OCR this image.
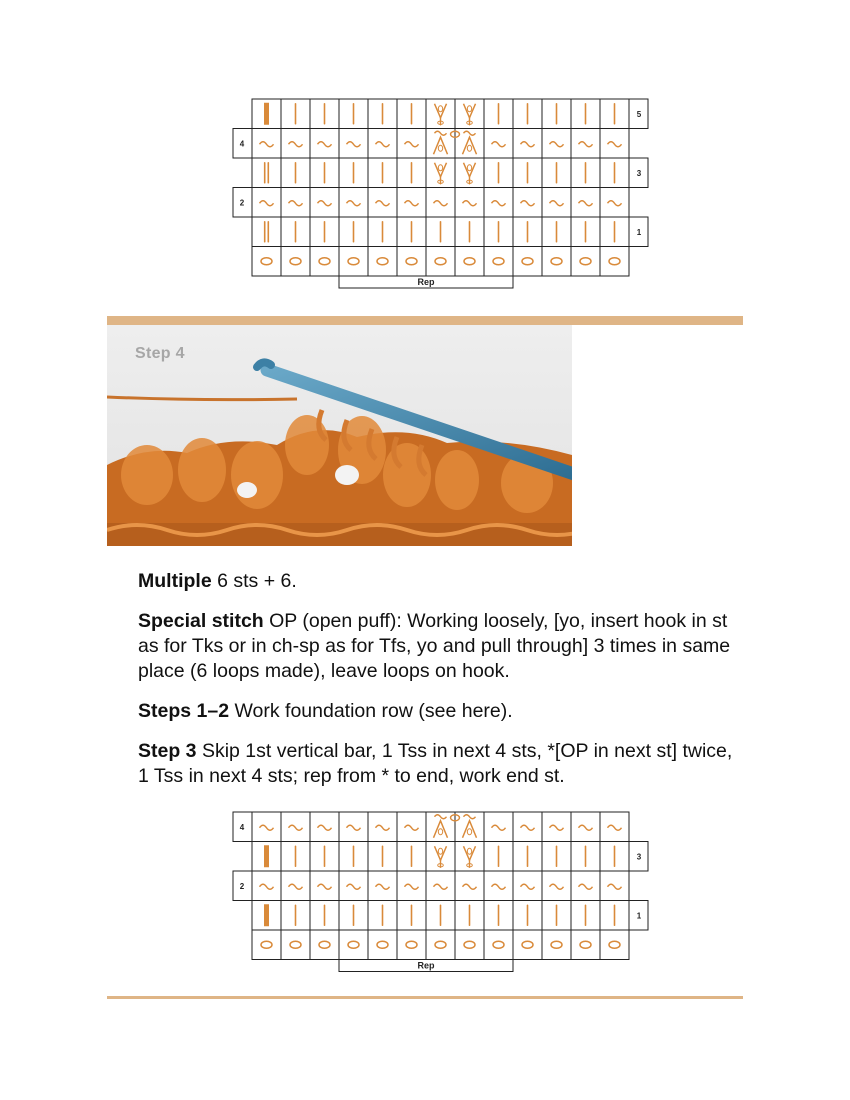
5
4
3
2
1
Rep
Step 4

Multiple 6 sts + 6.

Special stitch OP (open puff): Working loosely, [yo, insert hook in st as for Tks or in ch-sp as for Tfs, yo and pull through] 3 times in same place (6 loops made), leave loops on hook.

Steps 1–2 Work foundation row (see here).

Step 3 Skip 1st vertical bar, 1 Tss in next 4 sts, *[OP in next st] twice, 1 Tss in next 4 sts; rep from * to end, work end st.

4
3
2
1
Rep
